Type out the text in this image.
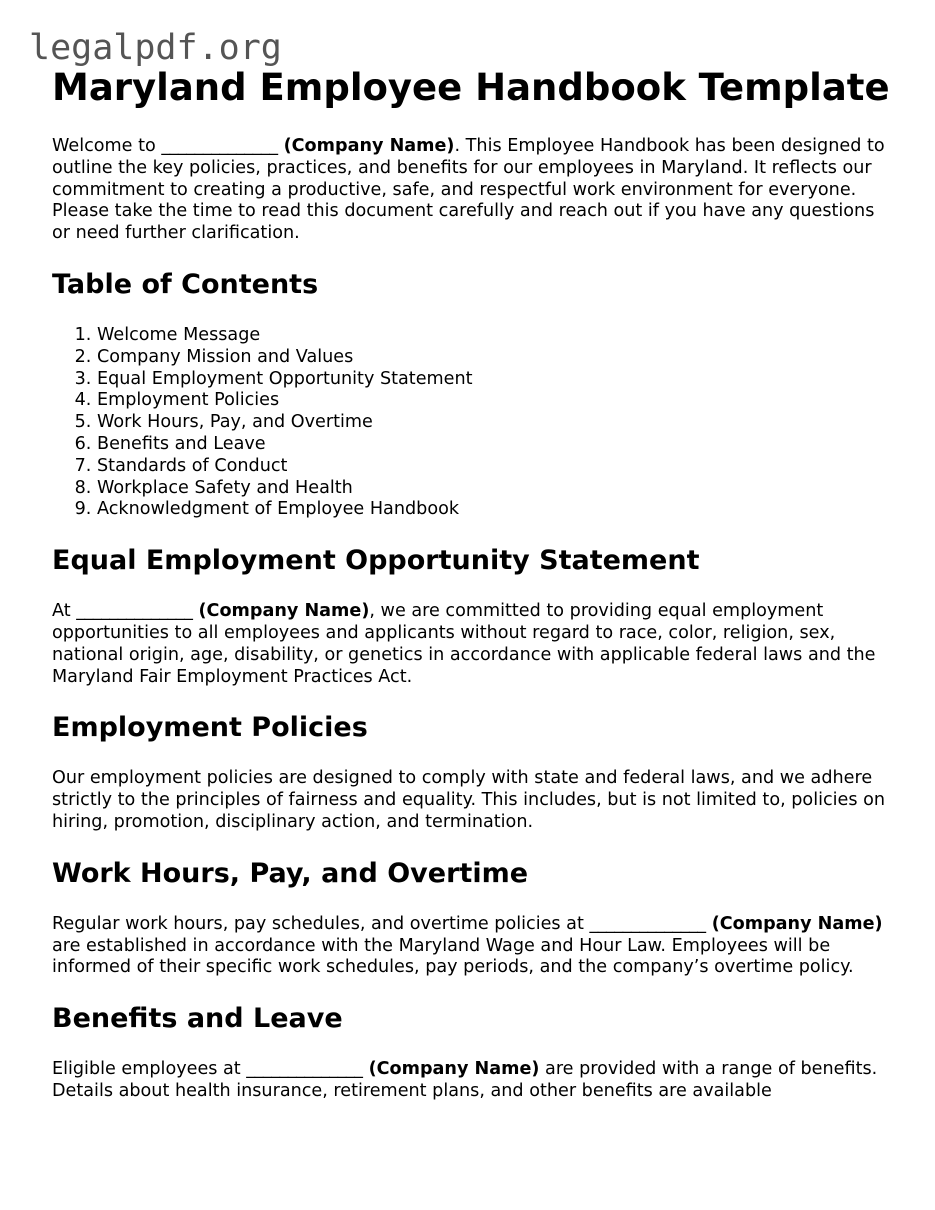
legalpdf.org
Maryland Employee Handbook Template

Welcome to ______________ (Company Name). This Employee Handbook has been designed to outline the key policies, practices, and benefits for our employees in Maryland. It reflects our commitment to creating a productive, safe, and respectful work environment for everyone. Please take the time to read this document carefully and reach out if you have any questions or need further clarification.

Table of Contents
1. Welcome Message
2. Company Mission and Values
3. Equal Employment Opportunity Statement
4. Employment Policies
5. Work Hours, Pay, and Overtime
6. Benefits and Leave
7. Standards of Conduct
8. Workplace Safety and Health
9. Acknowledgment of Employee Handbook
Equal Employment Opportunity Statement

At ______________ (Company Name), we are committed to providing equal employment opportunities to all employees and applicants without regard to race, color, religion, sex, national origin, age, disability, or genetics in accordance with applicable federal laws and the Maryland Fair Employment Practices Act.

Employment Policies

Our employment policies are designed to comply with state and federal laws, and we adhere strictly to the principles of fairness and equality. This includes, but is not limited to, policies on hiring, promotion, disciplinary action, and termination.

Work Hours, Pay, and Overtime

Regular work hours, pay schedules, and overtime policies at ______________ (Company Name) are established in accordance with the Maryland Wage and Hour Law. Employees will be informed of their specific work schedules, pay periods, and the company’s overtime policy.

Benefits and Leave

Eligible employees at ______________ (Company Name) are provided with a range of benefits. Details about health insurance, retirement plans, and other benefits are available
